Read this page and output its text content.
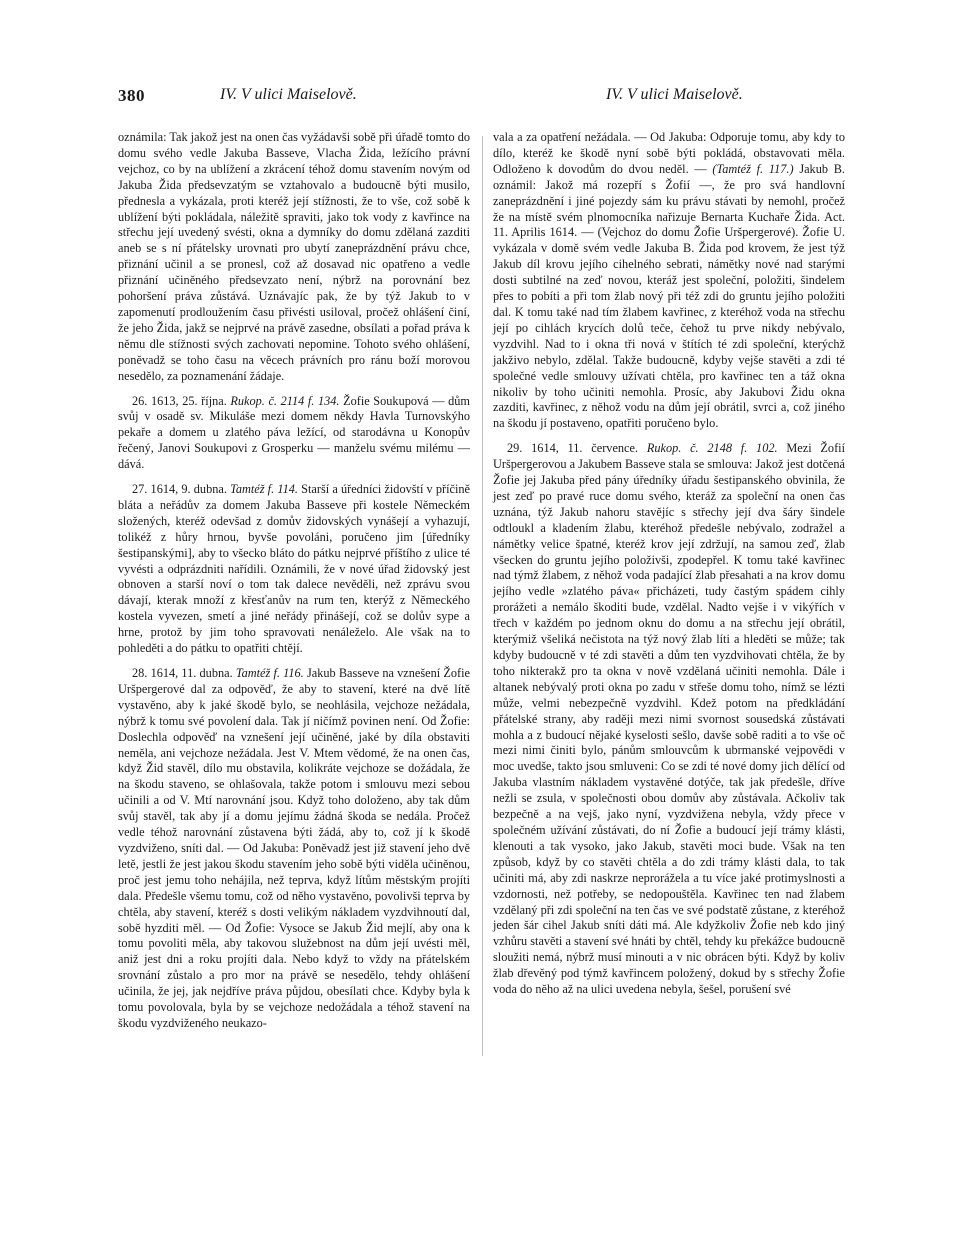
380	IV. V ulici Maiselově.	IV. V ulici Maiselově.

oznámila: Tak jakož jest na onen čas vyžádavši sobě při úřadě tomto do domu svého vedle Jakuba Basseve, Vlacha Žida, ležícího právní vejchoz, co by na ublížení a zkrácení téhož domu stavením novým od Jakuba Žida předsevzatým se vztahovalo a budoucně býti musilo, přednesla a vykázala, proti kteréž její stížnosti, že to vše, což sobě k ublížení býti pokládala, náležitě spraviti, jako tok vody z kavřince na střechu její uvedený svésti, okna a dymníky do domu zdělaná zazditi aneb se s ní přátelsky urovnati pro ubytí zaneprázdnění právu chce, přiznání učinil a se pronesl, což až dosavad nic opatřeno a vedle přiznání učiněného předsevzato není, nýbrž na porovnání bez pohoršení práva zůstává. Uznávajíc pak, že by týž Jakub to v zapomenutí prodloužením času přivésti usiloval, pročež ohlášení činí, že jeho Žida, jakž se nejprvé na právě zasedne, obsílati a pořad práva k němu dle stížnosti svých zachovati nepomine. Tohoto svého ohlášení, poněvadž se toho času na věcech právních pro ránu boží morovou nesedělo, za poznamenání žádaje.

26. 1613, 25. října. Rukop. č. 2114 f. 134. Žofie Soukupová — dům svůj v osadě sv. Mikuláše mezi domem někdy Havla Turnovskýho pekaře a domem u zlatého páva ležící, od starodávna u Konopův řečený, Janovi Soukupovi z Grosperku — manželu svému milému — dává.

27. 1614, 9. dubna. Tamtéž f. 114. Starší a úředníci židovští v příčině bláta a neřádův za domem Jakuba Basseve při kostele Německém složených, kteréž odevšad z domův židovských vynášejí a vyhazují, tolikéž z hůry hrnou, byvše povoláni, poručeno jim [úředníky šestipanskými], aby to všecko bláto do pátku nejprvé příštího z ulice té vyvésti a odprázdniti nařídili. Oznámili, že v nové úřad židovský jest obnoven a starší noví o tom tak dalece nevěděli, než zprávu svou dávají, kterak množí z křesťanův na rum ten, kterýž z Německého kostela vyvezen, smetí a jiné neřády přinášejí, což se dolův sype a hrne, protož by jim toho spravovati nenáleželo. Ale však na to pohleděti a do pátku to opatřiti chtějí.

28. 1614, 11. dubna. Tamtéž f. 116. Jakub Basseve na vznešení Žofie Uršpergerové dal za odpověď, že aby to stavení, které na dvě lítě vystavěno, aby k jaké škodě bylo, se neohlásila, vejchoze nežádala, nýbrž k tomu své povolení dala. Tak jí ničímž povinen není. Od Žofie: Doslechla odpověď na vznešení její učiněné, jaké by díla obstaviti neměla, ani vejchoze nežádala. Jest V. Mtem vědomé, že na onen čas, když Žid stavěl, dílo mu obstavila, kolikráte vejchoze se dožádala, že na škodu staveno, se ohlašovala, takže potom i smlouvu mezi sebou učinili a od V. Mtí narovnání jsou. Když toho doloženo, aby tak dům svůj stavěl, tak aby jí a domu jejímu žádná škoda se nedála. Pročež vedle téhož narovnání zůstavena býti žádá, aby to, což jí k škodě vyzdviženo, sníti dal. — Od Jakuba: Poněvadž jest již stavení jeho dvě letě, jestli že jest jakou škodu stavením jeho sobě býti viděla učiněnou, proč jest jemu toho nehájila, než teprva, když lítům městským projíti dala. Předešle všemu tomu, což od něho vystavěno, povolivši teprva by chtěla, aby stavení, kteréž s dosti velikým nákladem vyzdvihnoutí dal, sobě hyzditi měl. — Od Žofie: Vysoce se Jakub Žid mejlí, aby ona k tomu povoliti měla, aby takovou služebnost na dům její uvésti měl, aniž jest dni a roku projíti dala. Nebo když to vždy na přátelském srovnání zůstalo a pro mor na právě se nesedělo, tehdy ohlášení učinila, že jej, jak nejdříve práva půjdou, obesílati chce. Kdyby byla k tomu povolovala, byla by se vejchoze nedožádala a téhož stavení na škodu vyzdviženého neukazo-

vala a za opatření nežádala. — Od Jakuba: Odporuje tomu, aby kdy to dílo, kteréž ke škodě nyní sobě býti pokládá, obstavovati měla. Odloženo k dovodům do dvou neděl. — (Tamtéž f. 117.) Jakub B. oznámil: Jakož má rozepří s Žofií —, že pro svá handlovní zaneprázdnění i jiné pojezdy sám ku právu stávati by nemohl, pročež že na místě svém plnomocníka nařizuje Bernarta Kuchaře Žida. Act. 11. Aprilis 1614. — (Vejchoz do domu Žofie Uršpergerové). Žofie U. vykázala v domě svém vedle Jakuba B. Žida pod krovem, že jest týž Jakub díl krovu jejího cihelného sebrati, námětky nové nad starými dosti subtilné na zeď novou, kteráž jest společní, položiti, šindelem přes to pobíti a při tom žlab nový při též zdi do gruntu jejího položiti dal. K tomu také nad tím žlabem kavřinec, z kteréhož voda na střechu její po cihlách krycích dolů teče, čehož tu prve nikdy nebývalo, vyzdvihl. Nad to i okna tři nová v štítích té zdi společní, kterýchž jakživo nebylo, zdělal. Takže budoucně, kdyby vejše stavěti a zdi té společné vedle smlouvy užívati chtěla, pro kavřinec ten a táž okna nikoliv by toho učiniti nemohla. Prosíc, aby Jakubovi Židu okna zazditi, kavřinec, z něhož vodu na dům její obrátil, svrci a, což jiného na škodu jí postaveno, opatřiti poručeno bylo.

29. 1614, 11. července. Rukop. č. 2148 f. 102. Mezi Žofií Uršpergerovou a Jakubem Basseve stala se smlouva: Jakož jest dotčená Žofie jej Jakuba před pány úředníky úřadu šestipanského obvinila, že jest zeď po pravé ruce domu svého, kteráž za společní na onen čas uznána, týž Jakub nahoru stavějíc s střechy její dva šáry šindele odtloukl a kladením žlabu, kteréhož předešle nebývalo, zodražel a námětky velice špatné, kteréž krov její zdržují, na samou zeď, žlab všecken do gruntu jejího položivši, zpodepřel. K tomu také kavřinec nad týmž žlabem, z něhož voda padající žlab přesahati a na krov domu jejího vedle »zlatého páva« přicházeti, tudy častým spádem cihly prorážeti a nemálo škoditi bude, vzdělal. Nadto vejše i v vikýřích v třech v každém po jednom oknu do domu a na střechu její obrátil, kterýmiž všeliká nečistota na týž nový žlab líti a hleděti se může; tak kdyby budoucně v té zdi stavěti a dům ten vyzdvihovati chtěla, že by toho nikterakž pro ta okna v nově vzdělaná učiniti nemohla. Dále i altanek nebývalý proti okna po zadu v střeše domu toho, nímž se lézti může, velmi nebezpečně vyzdvihl. Kdež potom na předkládání přátelské strany, aby raději mezi nimi svornost sousedská zůstávati mohla a z budoucí nějaké kyselosti sešlo, davše sobě raditi a to vše oč mezi nimi činiti bylo, pánům smlouvcům k ubrmanské vejpovědi v moc uvedše, takto jsou smluveni: Co se zdi té nové domy jich dělící od Jakuba vlastním nákladem vystavěné dotýče, tak jak předešle, dříve nežli se zsula, v společnosti obou domův aby zůstávala. Ačkoliv tak bezpečně a na vejš, jako nyní, vyzdvižena nebyla, vždy přece v společném užívání zůstávati, do ní Žofie a budoucí její trámy klásti, klenouti a tak vysoko, jako Jakub, stavěti moci bude. Však na ten způsob, když by co stavěti chtěla a do zdi trámy klásti dala, to tak učiniti má, aby zdi naskrze neprorážela a tu více jaké protimyslnosti a vzdornosti, než potřeby, se nedopouštěla. Kavřinec ten nad žlabem vzdělaný při zdi společní na ten čas ve své podstatě zůstane, z kteréhož jeden šár cihel Jakub sníti dáti má. Ale kdyžkoliv Žofie neb kdo jiný vzhůru stavěti a stavení své hnáti by chtěl, tehdy ku překážce budoucně sloužiti nemá, nýbrž musí minouti a v nic obrácen býti. Když by koliv žlab dřevěný pod týmž kavřincem položený, dokud by s střechy Žofie voda do něho až na ulici uvedena nebyla, šešel, porušení své
